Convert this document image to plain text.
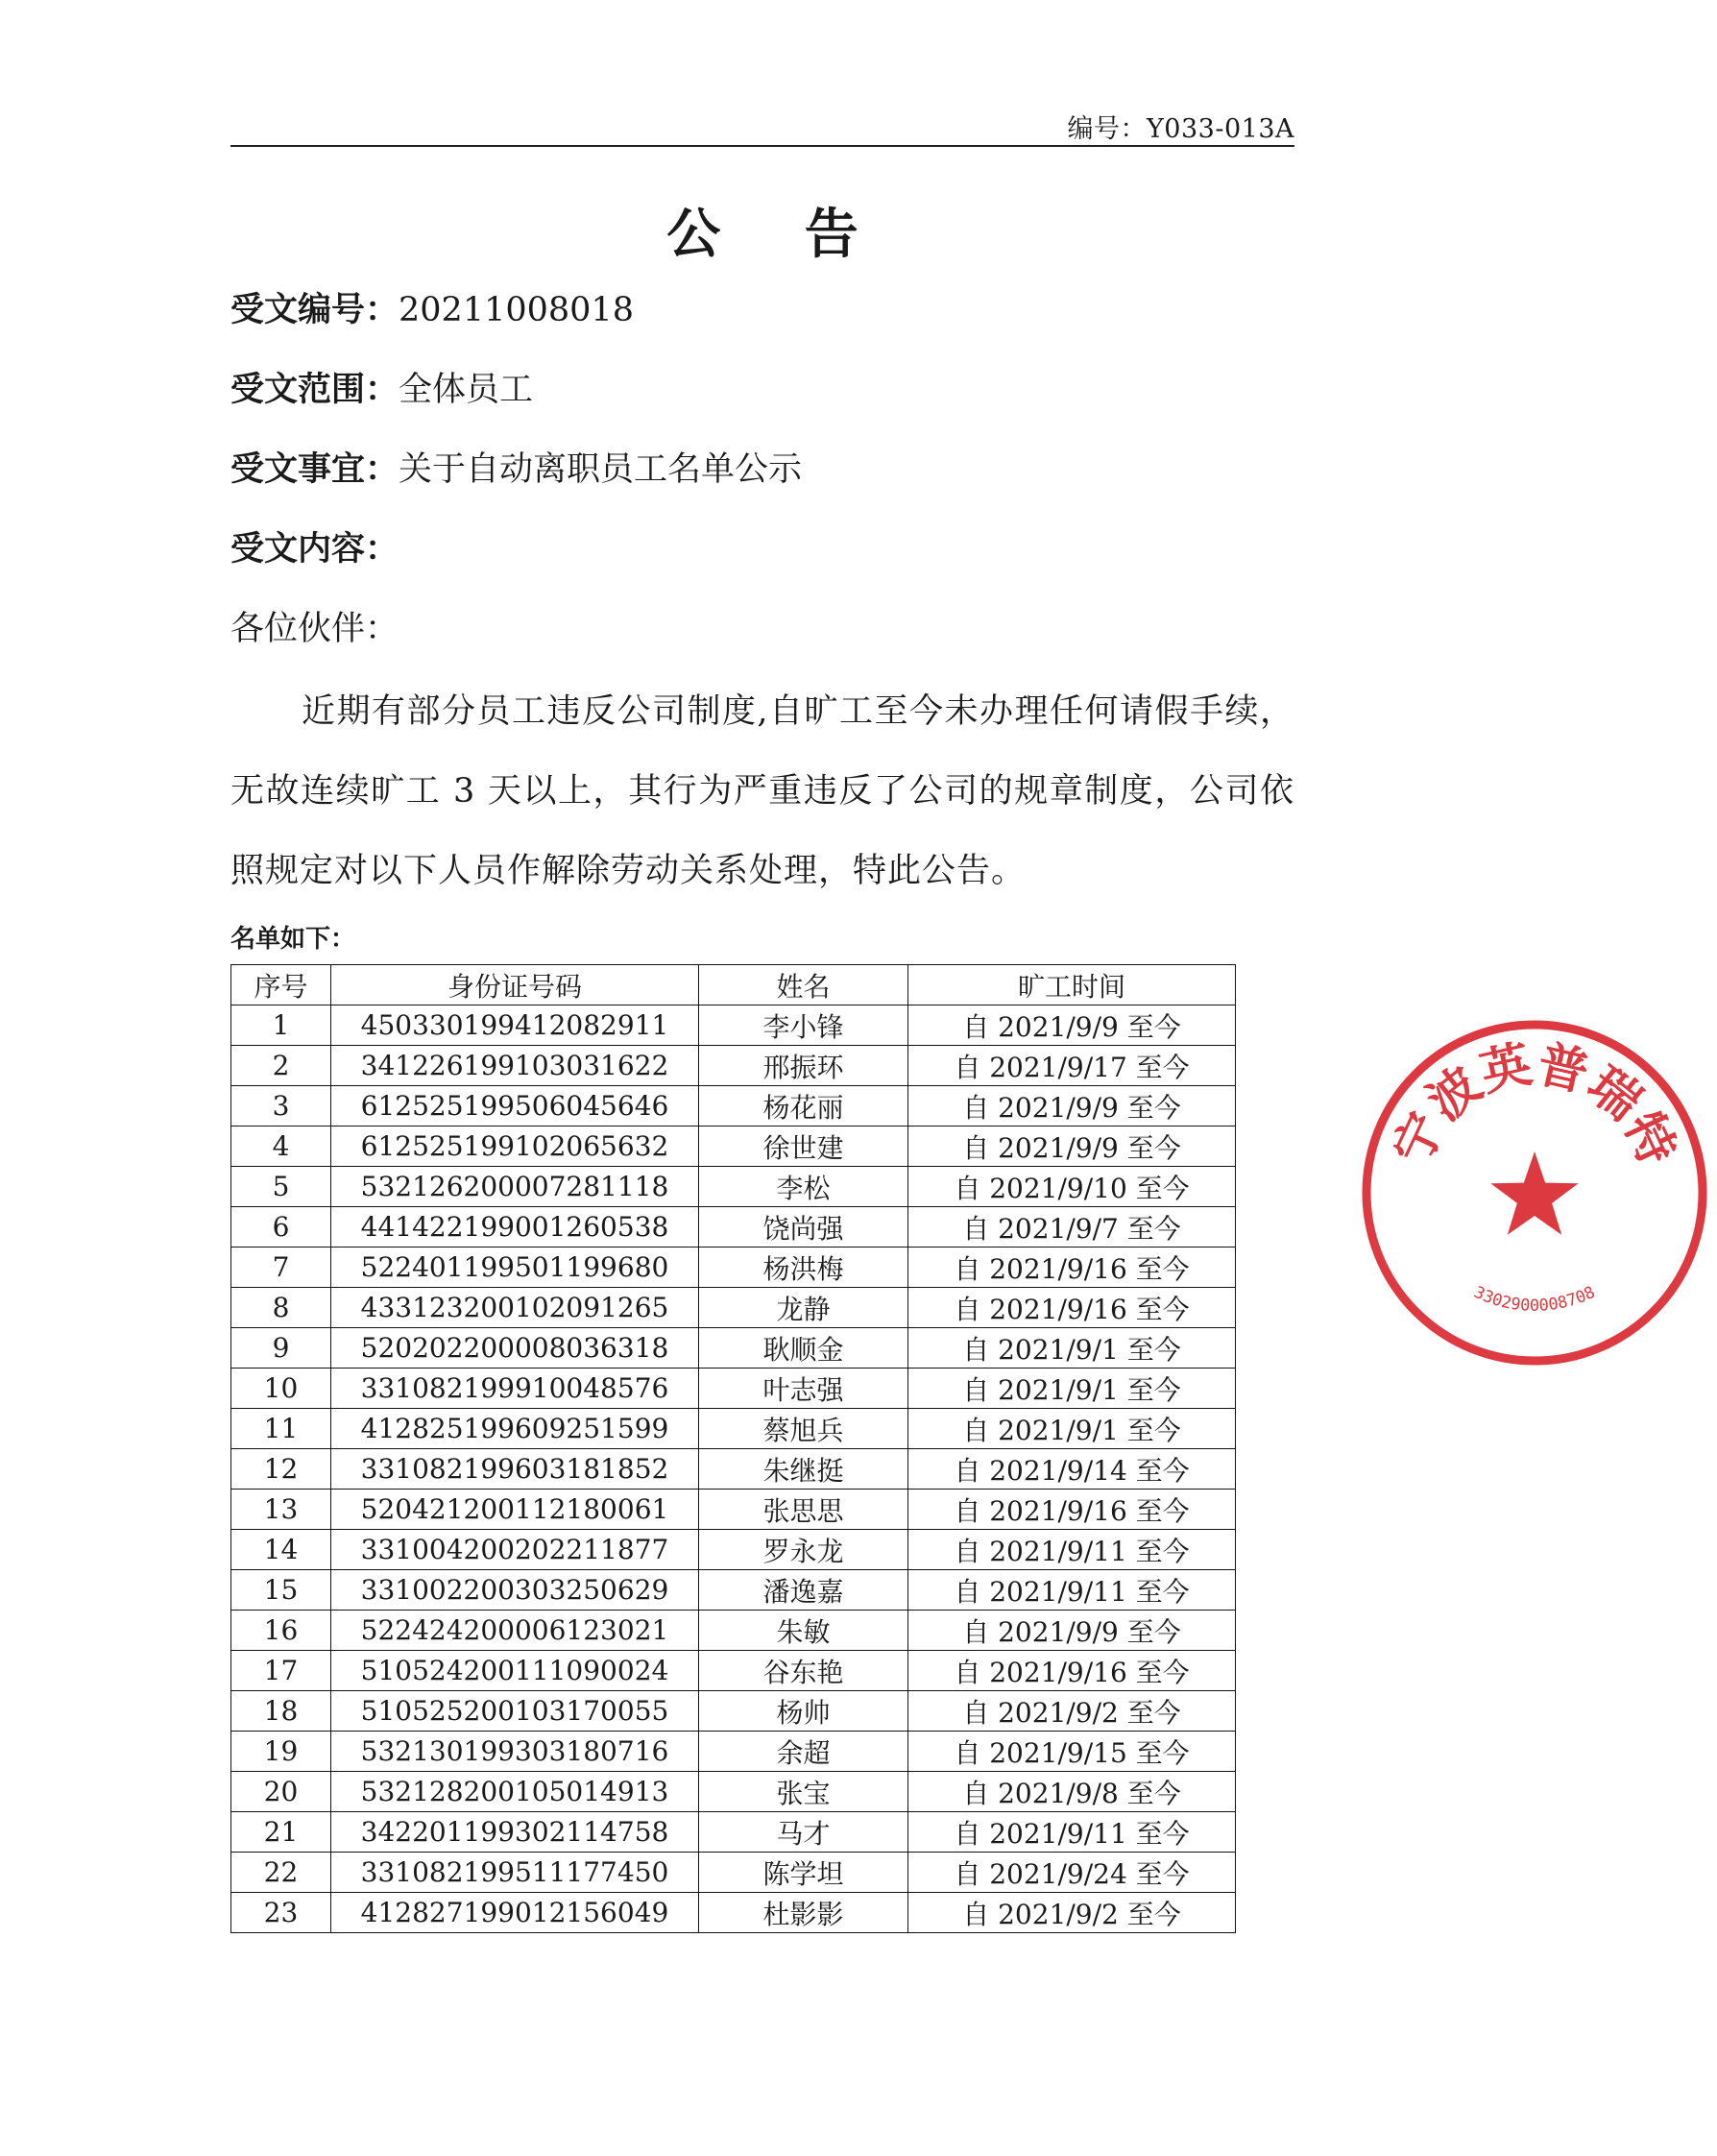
编号：Y033-013A
公 告
受文编号：20211008018
受文范围：全体员工
受文事宜：关于自动离职员工名单公示
受文内容：
各位伙伴：
近期有部分员工违反公司制度,自旷工至今未办理任何请假手续，无故连续旷工 3 天以上，其行为严重违反了公司的规章制度，公司依照规定对以下人员作解除劳动关系处理，特此公告。
名单如下：
序号	身份证号码	姓名	旷工时间
1	450330199412082911	李小锋	自 2021/9/9 至今
2	341226199103031622	邢振环	自 2021/9/17 至今
3	612525199506045646	杨花丽	自 2021/9/9 至今
4	612525199102065632	徐世建	自 2021/9/9 至今
5	532126200007281118	李松	自 2021/9/10 至今
6	441422199001260538	饶尚强	自 2021/9/7 至今
7	522401199501199680	杨洪梅	自 2021/9/16 至今
8	433123200102091265	龙静	自 2021/9/16 至今
9	520202200008036318	耿顺金	自 2021/9/1 至今
10	331082199910048576	叶志强	自 2021/9/1 至今
11	412825199609251599	蔡旭兵	自 2021/9/1 至今
12	331082199603181852	朱继挺	自 2021/9/14 至今
13	520421200112180061	张思思	自 2021/9/16 至今
14	331004200202211877	罗永龙	自 2021/9/11 至今
15	331002200303250629	潘逸嘉	自 2021/9/11 至今
16	522424200006123021	朱敏	自 2021/9/9 至今
17	510524200111090024	谷东艳	自 2021/9/16 至今
18	510525200103170055	杨帅	自 2021/9/2 至今
19	532130199303180716	余超	自 2021/9/15 至今
20	532128200105014913	张宝	自 2021/9/8 至今
21	342201199302114758	马才	自 2021/9/11 至今
22	331082199511177450	陈学坦	自 2021/9/24 至今
23	412827199012156049	杜影影	自 2021/9/2 至今
宁波英普瑞特
3302900008708
